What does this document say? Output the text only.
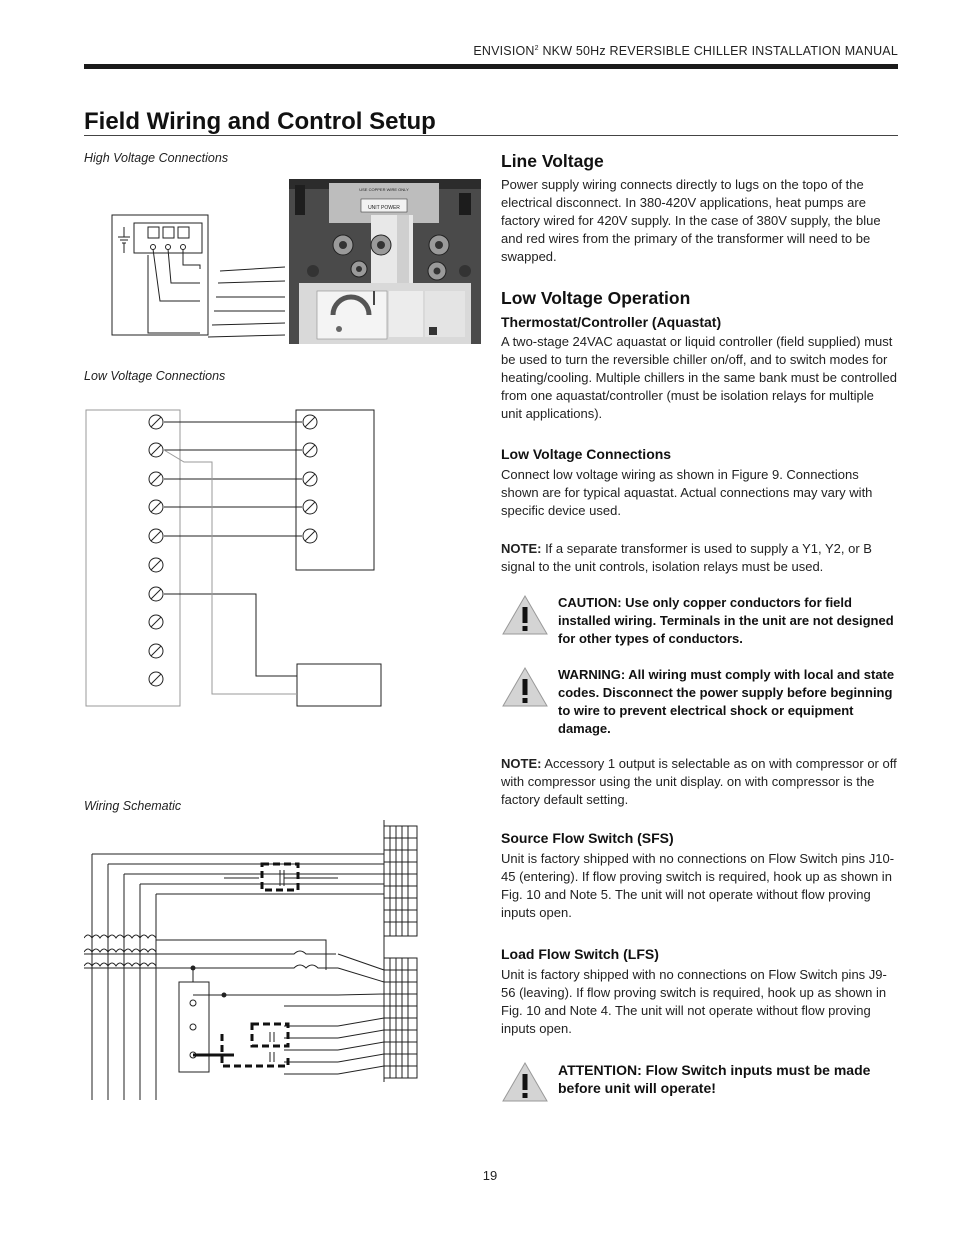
ENVISION$^2$ NKW 50Hz REVERSIBLE CHILLER INSTALLATION MANUAL
Field Wiring and Control Setup
High Voltage Connections
Low Voltage Connections
Wiring Schematic
USE COPPER WIRE ONLY
UNIT POWER
Line Voltage

Power supply wiring connects directly to lugs on the topo of the electrical disconnect. In 380-420V applications, heat pumps are factory wired for 420V supply. In the case of 380V supply, the blue and red wires from the primary of the transformer will need to be swapped.

Low Voltage Operation
Thermostat/Controller (Aquastat)

A two-stage 24VAC aquastat or liquid controller (field supplied) must be used to turn the reversible chiller on/off, and to switch modes for heating/cooling. Multiple chillers in the same bank must be controlled from one aquastat/controller (must be isolation relays for multiple unit applications).

Low Voltage Connections

Connect low voltage wiring as shown in Figure 9. Connections shown are for typical aquastat. Actual connections may vary with specific device used.

NOTE: If a separate transformer is used to supply a Y1, Y2, or B signal to the unit controls, isolation relays must be used.

CAUTION: Use only copper conductors for field installed wiring. Terminals in the unit are not designed for other types of conductors.
WARNING: All wiring must comply with local and state codes. Disconnect the power supply before beginning to wire to prevent electrical shock or equipment damage.

NOTE: Accessory 1 output is selectable as on with compressor or off with compressor using the unit display. on with compressor is the factory default setting.

Source Flow Switch (SFS)

Unit is factory shipped with no connections on Flow Switch pins J10-45 (entering). If flow proving switch is required, hook up as shown in Fig. 10 and Note 5. The unit will not operate without flow proving inputs open.

Load Flow Switch (LFS)

Unit is factory shipped with no connections on Flow Switch pins J9-56 (leaving). If flow proving switch is required, hook up as shown in Fig. 10 and Note 4. The unit will not operate without flow proving inputs open.

ATTENTION: Flow Switch inputs must be made before unit will operate!
19
